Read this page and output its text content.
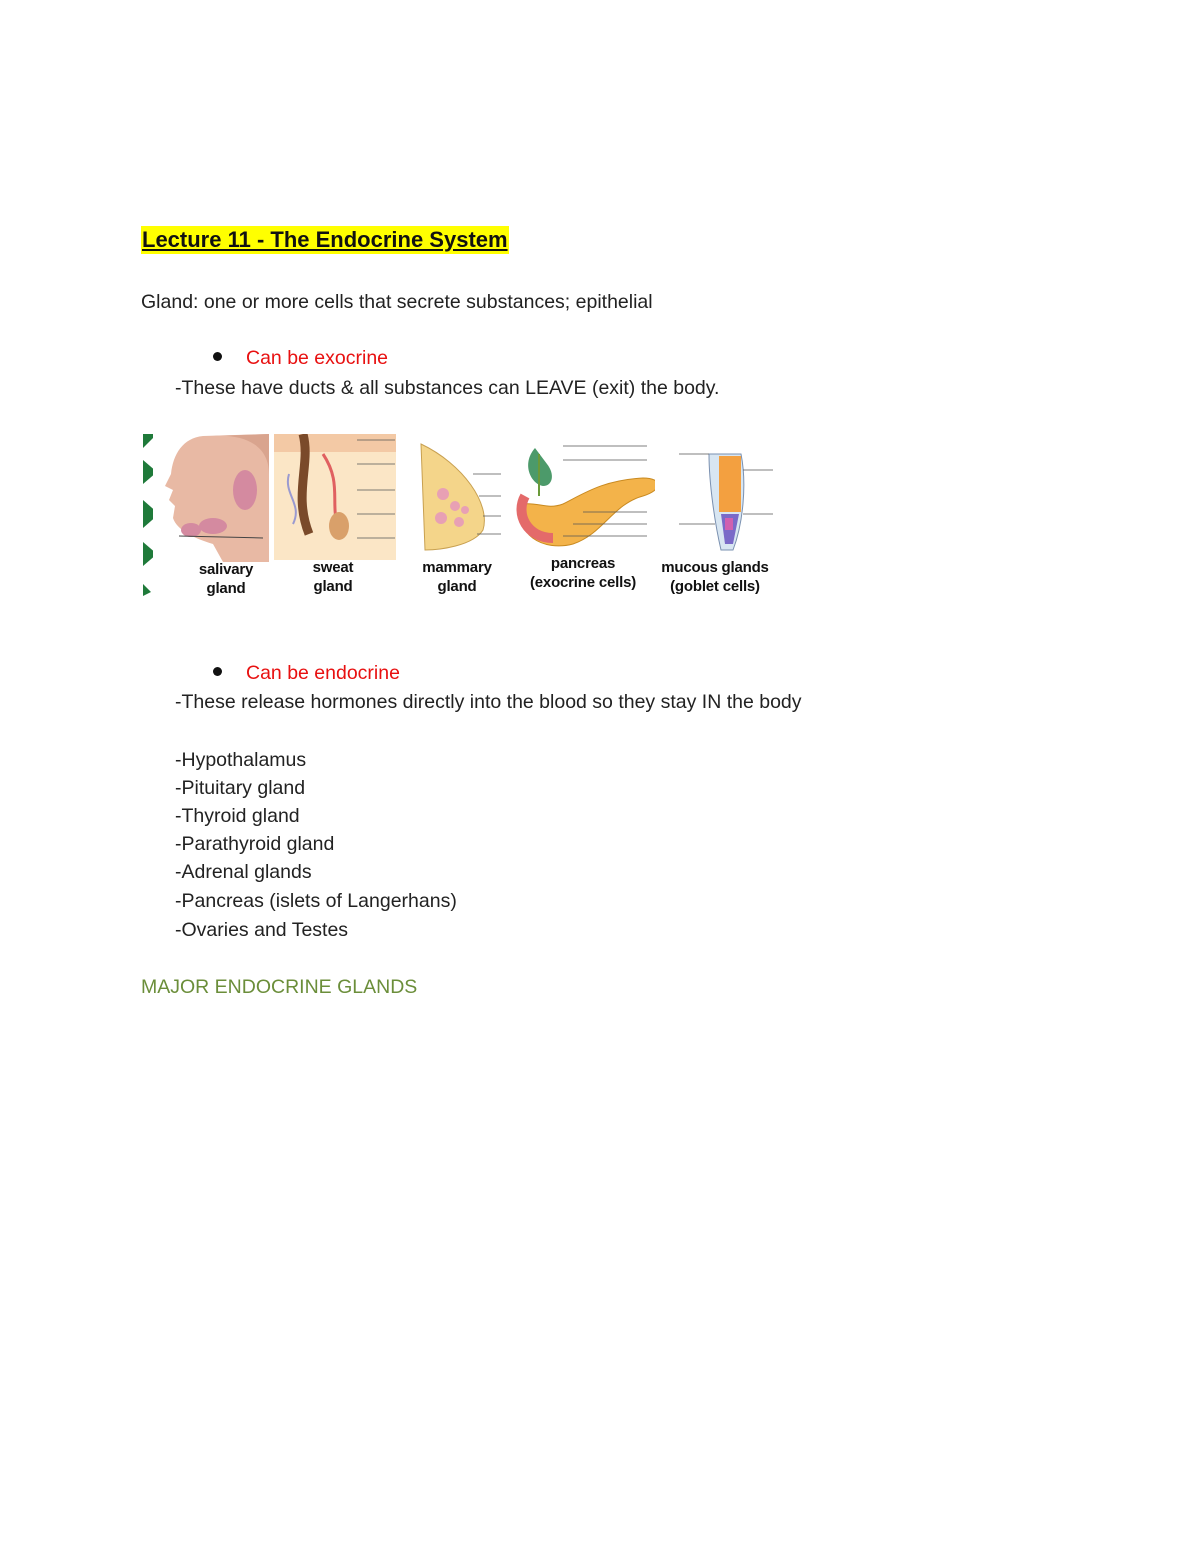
Lecture 11 - The Endocrine System
Gland: one or more cells that secrete substances; epithelial
Can be exocrine
-These have ducts & all substances can LEAVE (exit) the body.
salivary
gland
sweat
gland
mammary
gland
pancreas
(exocrine cells)
mucous glands
(goblet cells)
Can be endocrine
-These release hormones directly into the blood so they stay IN the body
-Hypothalamus
-Pituitary gland
-Thyroid gland
-Parathyroid gland
-Adrenal glands
-Pancreas (islets of Langerhans)
-Ovaries and Testes
MAJOR ENDOCRINE GLANDS
